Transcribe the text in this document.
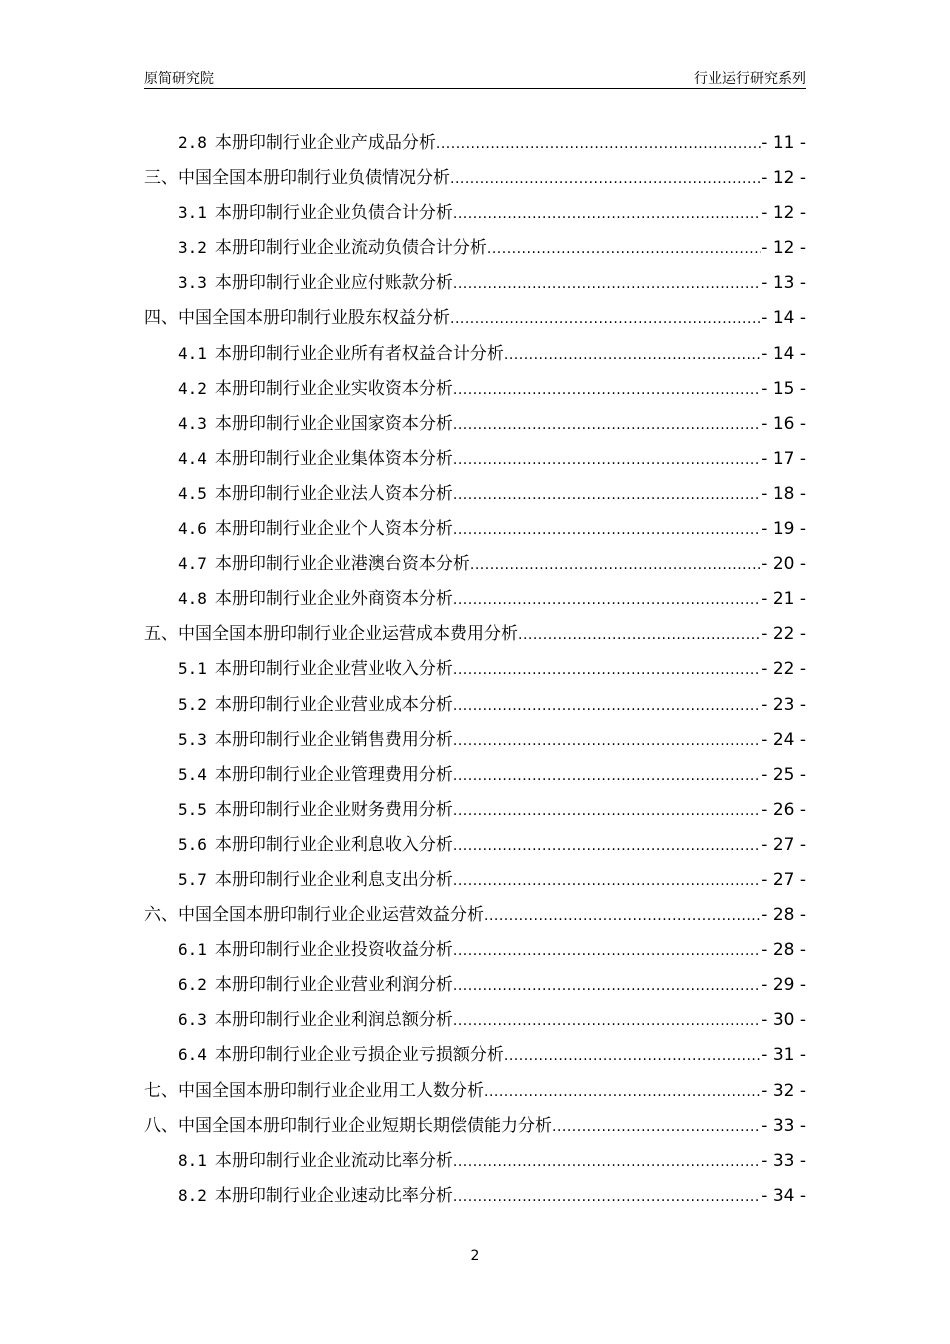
原简研究院	行业运行研究系列
2.8 本册印制行业企业产成品分析 .....	- 11 -
三、中国全国本册印制行业负债情况分析 .....	- 12 -
3.1 本册印制行业企业负债合计分析 .....	- 12 -
3.2 本册印制行业企业流动负债合计分析 .....	- 12 -
3.3 本册印制行业企业应付账款分析 .....	- 13 -
四、中国全国本册印制行业股东权益分析 .....	- 14 -
4.1 本册印制行业企业所有者权益合计分析 .....	- 14 -
4.2 本册印制行业企业实收资本分析 .....	- 15 -
4.3 本册印制行业企业国家资本分析 .....	- 16 -
4.4 本册印制行业企业集体资本分析 .....	- 17 -
4.5 本册印制行业企业法人资本分析 .....	- 18 -
4.6 本册印制行业企业个人资本分析 .....	- 19 -
4.7 本册印制行业企业港澳台资本分析 .....	- 20 -
4.8 本册印制行业企业外商资本分析 .....	- 21 -
五、中国全国本册印制行业企业运营成本费用分析 .....	- 22 -
5.1 本册印制行业企业营业收入分析 .....	- 22 -
5.2 本册印制行业企业营业成本分析 .....	- 23 -
5.3 本册印制行业企业销售费用分析 .....	- 24 -
5.4 本册印制行业企业管理费用分析 .....	- 25 -
5.5 本册印制行业企业财务费用分析 .....	- 26 -
5.6 本册印制行业企业利息收入分析 .....	- 27 -
5.7 本册印制行业企业利息支出分析 .....	- 27 -
六、中国全国本册印制行业企业运营效益分析 .....	- 28 -
6.1 本册印制行业企业投资收益分析 .....	- 28 -
6.2 本册印制行业企业营业利润分析 .....	- 29 -
6.3 本册印制行业企业利润总额分析 .....	- 30 -
6.4 本册印制行业企业亏损企业亏损额分析 .....	- 31 -
七、中国全国本册印制行业企业用工人数分析 .....	- 32 -
八、中国全国本册印制行业企业短期长期偿债能力分析 .....	- 33 -
8.1 本册印制行业企业流动比率分析 .....	- 33 -
8.2 本册印制行业企业速动比率分析 .....	- 34 -
2
